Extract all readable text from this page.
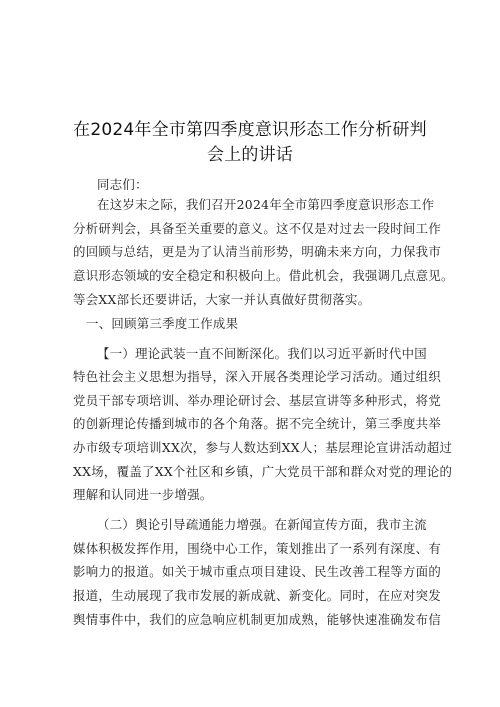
在2024年全市第四季度意识形态工作分析研判
会上的讲话
同志们：
在这岁末之际，我们召开2024年全市第四季度意识形态工作
分析研判会，具备至关重要的意义。这不仅是对过去一段时间工作
的回顾与总结，更是为了认清当前形势，明确未来方向，力保我市
意识形态领域的安全稳定和积极向上。借此机会，我强调几点意见。
等会XX部长还要讲话，大家一并认真做好贯彻落实。
一、回顾第三季度工作成果
【一）理论武装一直不间断深化。我们以习近平新时代中国
特色社会主义思想为指导，深入开展各类理论学习活动。通过组织
党员干部专项培训、举办理论研讨会、基层宣讲等多种形式，将党
的创新理论传播到城市的各个角落。据不完全统计，第三季度共举
办市级专项培训XX次，参与人数达到XX人；基层理论宣讲活动超过
XX场，覆盖了XX个社区和乡镇，广大党员干部和群众对党的理论的
理解和认同进一步增强。
（二）舆论引导疏通能力增强。在新闻宣传方面，我市主流
媒体积极发挥作用，围绕中心工作，策划推出了一系列有深度、有
影响力的报道。如关于城市重点项目建设、民生改善工程等方面的
报道，生动展现了我市发展的新成就、新变化。同时，在应对突发
舆情事件中，我们的应急响应机制更加成熟，能够快速准确发布信
